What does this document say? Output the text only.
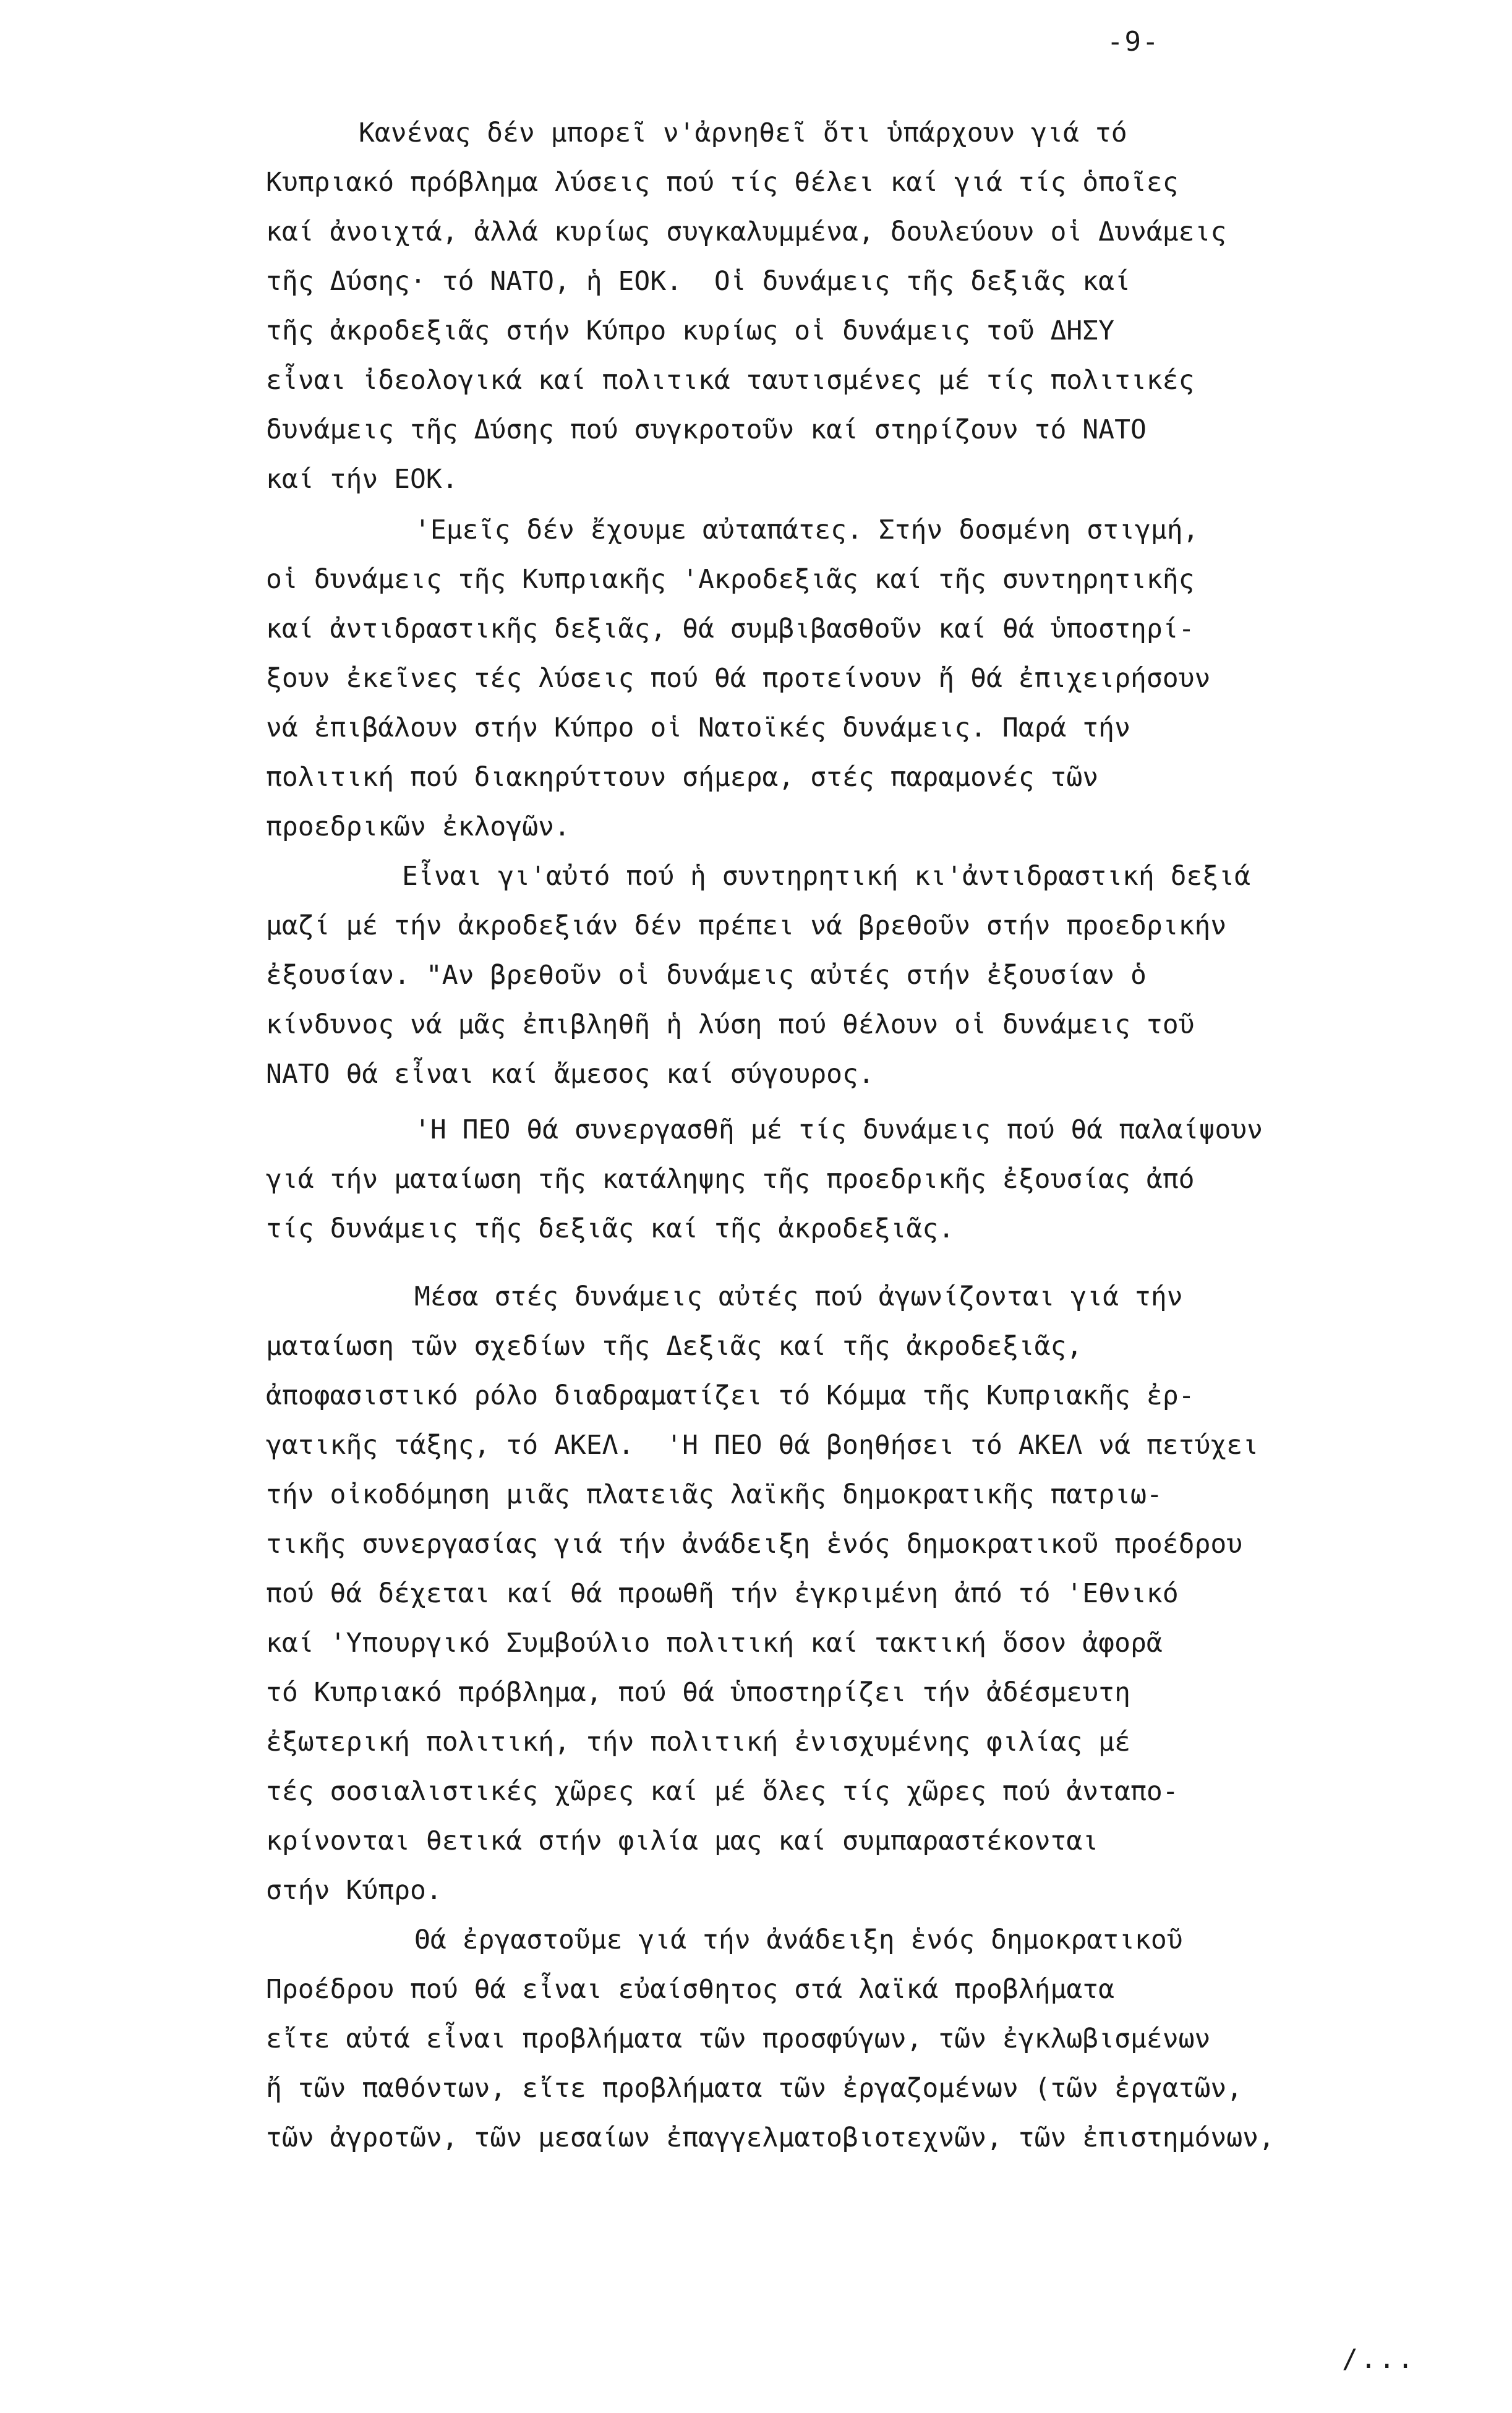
-9-
Κανένας δέν μπορεῖ ν'ἀρνηθεῖ ὅτι ὑπάρχουν γιά τό
Κυπριακό πρόβλημα λύσεις πού τίς θέλει καί γιά τίς ὁποῖες
καί ἀνοιχτά, ἀλλά κυρίως συγκαλυμμένα, δουλεύουν οἱ Δυνάμεις
τῆς Δύσης· τό ΝΑΤΟ, ἡ ΕΟΚ.  Οἱ δυνάμεις τῆς δεξιᾶς καί
τῆς ἀκροδεξιᾶς στήν Κύπρο κυρίως οἱ δυνάμεις τοῦ ΔΗΣΥ
εἶναι ἰδεολογικά καί πολιτικά ταυτισμένες μέ τίς πολιτικές
δυνάμεις τῆς Δύσης πού συγκροτοῦν καί στηρίζουν τό ΝΑΤΟ
καί τήν ΕΟΚ.
'Εμεῖς δέν ἔχουμε αὐταπάτες. Στήν δοσμένη στιγμή,
οἱ δυνάμεις τῆς Κυπριακῆς 'Ακροδεξιᾶς καί τῆς συντηρητικῆς
καί ἀντιδραστικῆς δεξιᾶς, θά συμβιβασθοῦν καί θά ὑποστηρί-
ξουν ἐκεῖνες τές λύσεις πού θά προτείνουν ἤ θά ἐπιχειρήσουν
νά ἐπιβάλουν στήν Κύπρο οἱ Νατοϊκές δυνάμεις. Παρά τήν
πολιτική πού διακηρύττουν σήμερα, στές παραμονές τῶν
προεδρικῶν ἐκλογῶν.
Εἶναι γι'αὐτό πού ἡ συντηρητική κι'ἀντιδραστική δεξιά
μαζί μέ τήν ἀκροδεξιάν δέν πρέπει νά βρεθοῦν στήν προεδρικήν
ἐξουσίαν. "Αν βρεθοῦν οἱ δυνάμεις αὐτές στήν ἐξουσίαν ὁ
κίνδυνος νά μᾶς ἐπιβληθῆ ἡ λύση πού θέλουν οἱ δυνάμεις τοῦ
ΝΑΤΟ θά εἶναι καί ἄμεσος καί σύγουρος.
'Η ΠΕΟ θά συνεργασθῆ μέ τίς δυνάμεις πού θά παλαίψουν
γιά τήν ματαίωση τῆς κατάληψης τῆς προεδρικῆς ἐξουσίας ἀπό
τίς δυνάμεις τῆς δεξιᾶς καί τῆς ἀκροδεξιᾶς.
Μέσα στές δυνάμεις αὐτές πού ἀγωνίζονται γιά τήν
ματαίωση τῶν σχεδίων τῆς Δεξιᾶς καί τῆς ἀκροδεξιᾶς,
ἀποφασιστικό ρόλο διαδραματίζει τό Κόμμα τῆς Κυπριακῆς ἐρ-
γατικῆς τάξης, τό ΑΚΕΛ.  'Η ΠΕΟ θά βοηθήσει τό ΑΚΕΛ νά πετύχει
τήν οἰκοδόμηση μιᾶς πλατειᾶς λαϊκῆς δημοκρατικῆς πατριω-
τικῆς συνεργασίας γιά τήν ἀνάδειξη ἑνός δημοκρατικοῦ προέδρου
πού θά δέχεται καί θά προωθῆ τήν ἐγκριμένη ἀπό τό 'Εθνικό
καί 'Υπουργικό Συμβούλιο πολιτική καί τακτική ὅσον ἀφορᾶ
τό Κυπριακό πρόβλημα, πού θά ὑποστηρίζει τήν ἀδέσμευτη
ἐξωτερική πολιτική, τήν πολιτική ἐνισχυμένης φιλίας μέ
τές σοσιαλιστικές χῶρες καί μέ ὅλες τίς χῶρες πού ἀνταπο-
κρίνονται θετικά στήν φιλία μας καί συμπαραστέκονται
στήν Κύπρο.
Θά ἐργαστοῦμε γιά τήν ἀνάδειξη ἑνός δημοκρατικοῦ
Προέδρου πού θά εἶναι εὐαίσθητος στά λαϊκά προβλήματα
εἴτε αὐτά εἶναι προβλήματα τῶν προσφύγων, τῶν ἐγκλωβισμένων
ἤ τῶν παθόντων, εἴτε προβλήματα τῶν ἐργαζομένων (τῶν ἐργατῶν,
τῶν ἀγροτῶν, τῶν μεσαίων ἐπαγγελματοβιοτεχνῶν, τῶν ἐπιστημόνων,
/...
